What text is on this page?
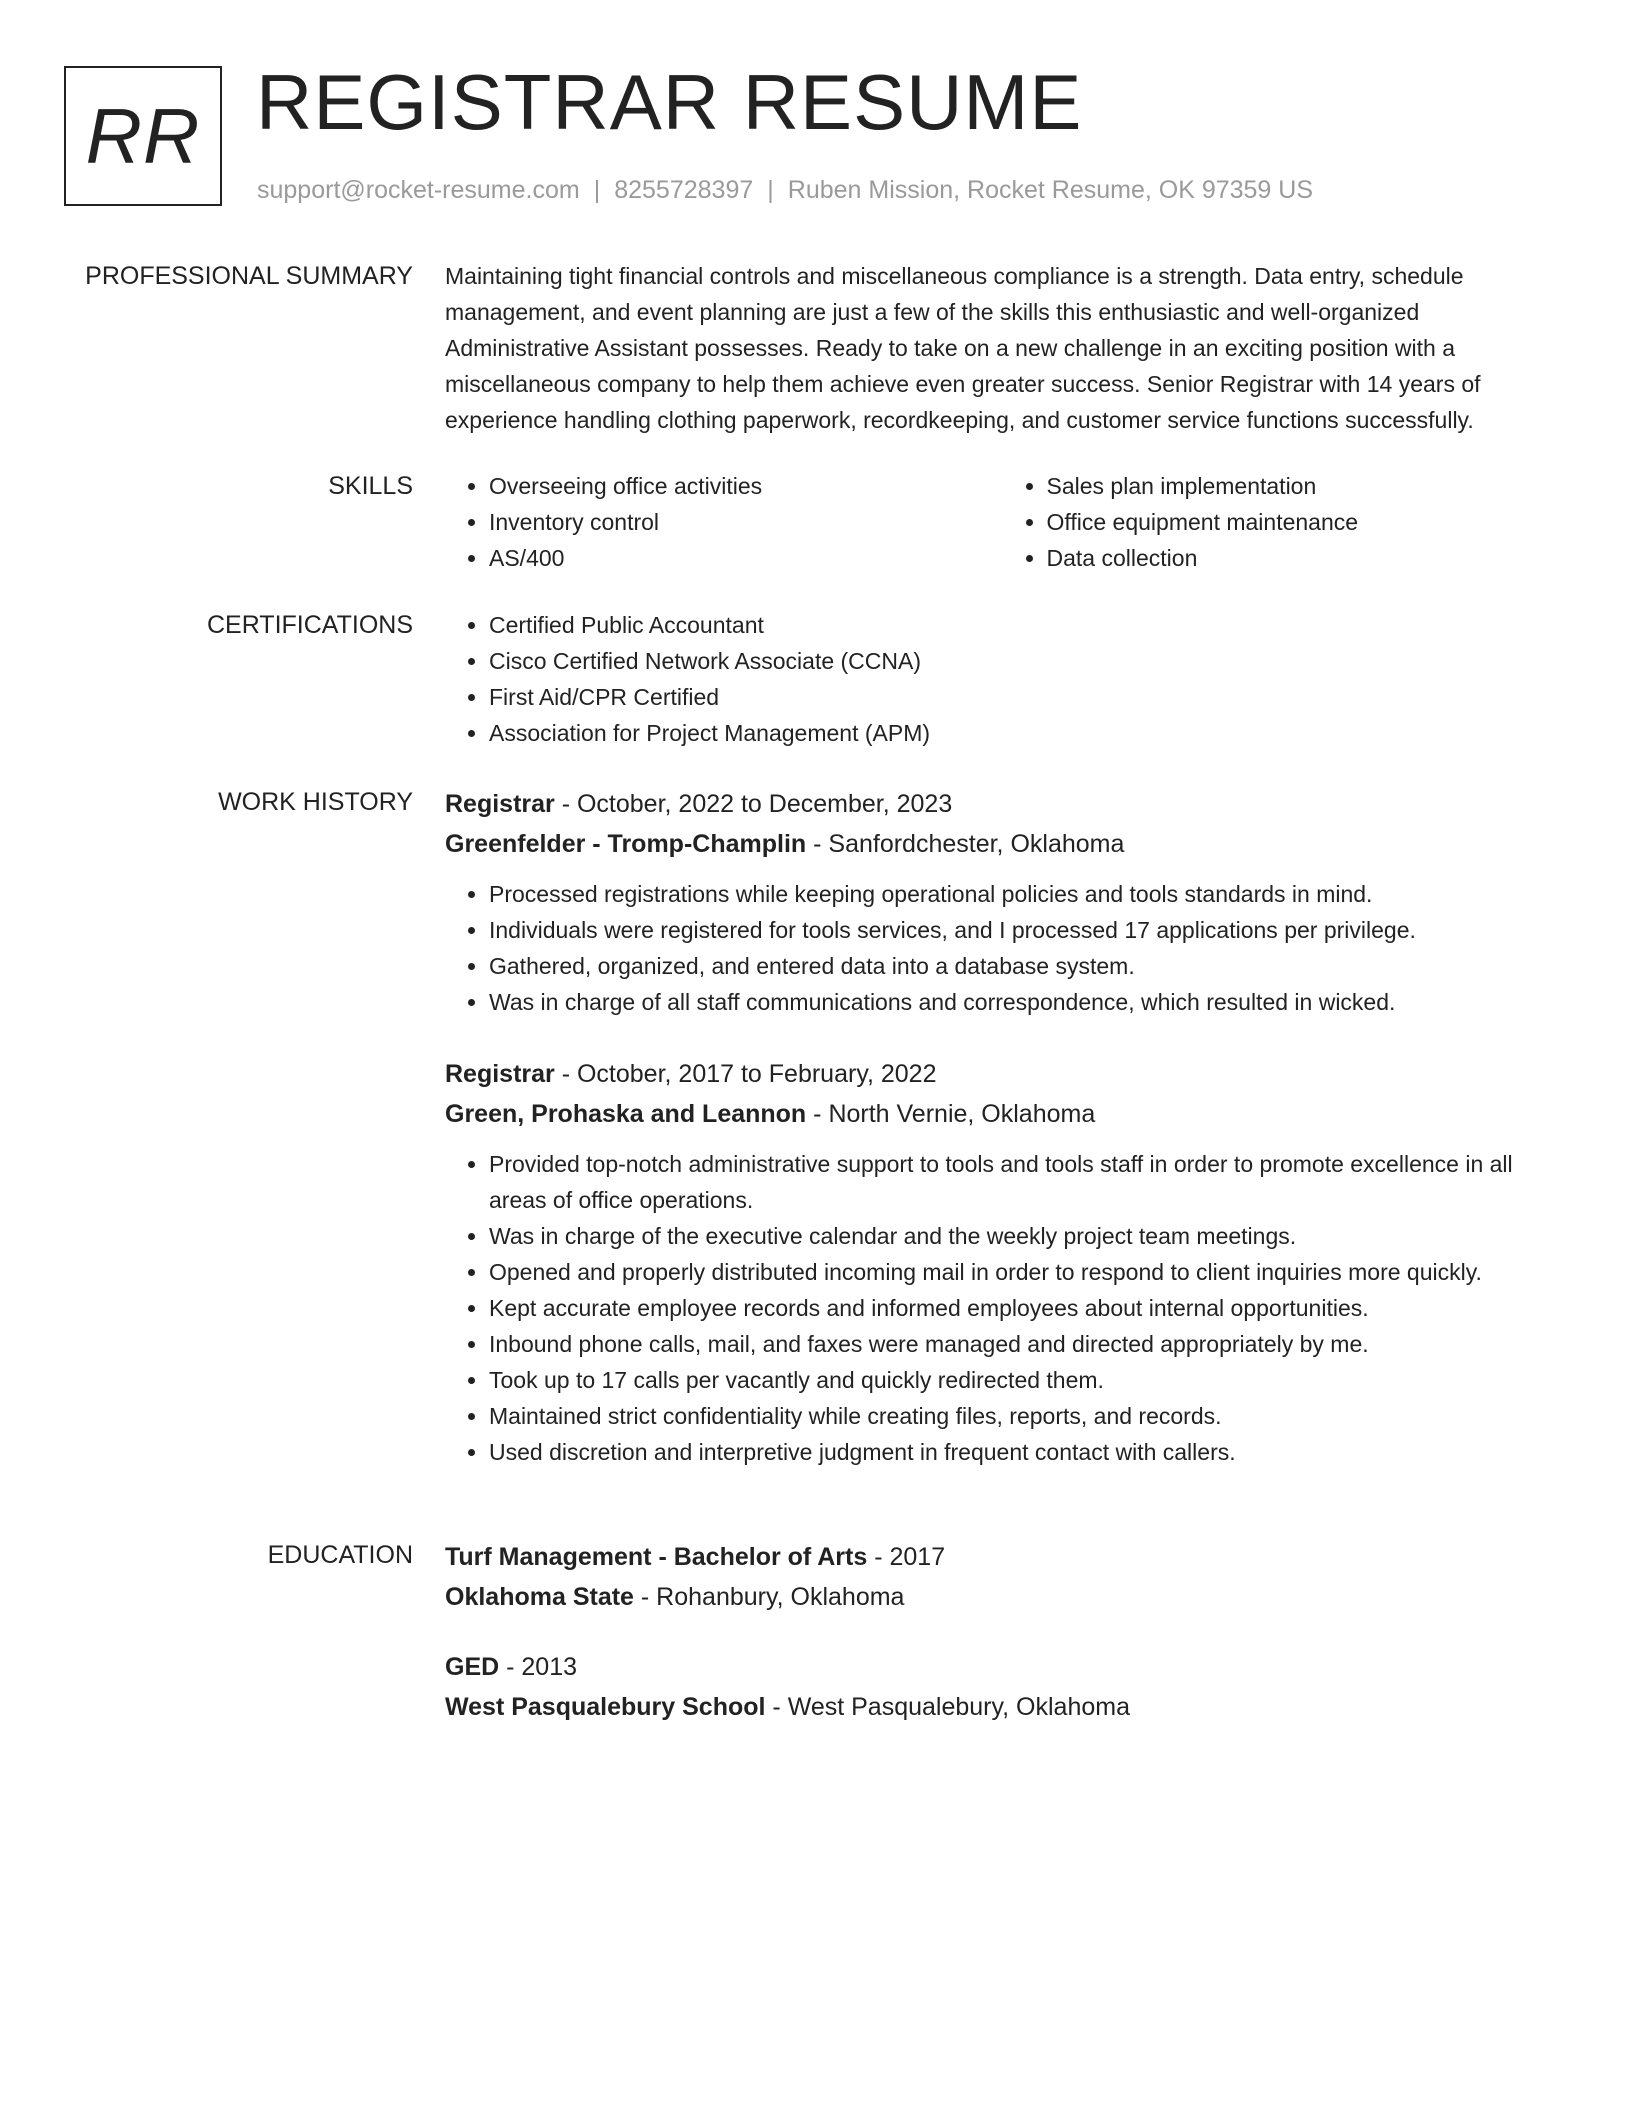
RR REGISTRAR RESUME
support@rocket-resume.com | 8255728397 | Ruben Mission, Rocket Resume, OK 97359 US
PROFESSIONAL SUMMARY Maintaining tight financial controls and miscellaneous compliance is a strength. Data entry, schedule management, and event planning are just a few of the skills this enthusiastic and well-organized Administrative Assistant possesses. Ready to take on a new challenge in an exciting position with a miscellaneous company to help them achieve even greater success. Senior Registrar with 14 years of experience handling clothing paperwork, recordkeeping, and customer service functions successfully.

SKILLS	• Overseeing office activities
• Inventory control
• AS/400
• Sales plan implementation
• Office equipment maintenance
• Data collection
CERTIFICATIONS	• Certified Public Accountant
• Cisco Certified Network Associate (CCNA)
• First Aid/CPR Certified
• Association for Project Management (APM)
WORK HISTORY Registrar - October, 2022 to December, 2023
Greenfelder - Tromp-Champlin - Sanfordchester, Oklahoma
• Processed registrations while keeping operational policies and tools standards in mind.
• Individuals were registered for tools services, and I processed 17 applications per privilege.
• Gathered, organized, and entered data into a database system.
• Was in charge of all staff communications and correspondence, which resulted in wicked.
Registrar - October, 2017 to February, 2022
Green, Prohaska and Leannon - North Vernie, Oklahoma
• Provided top-notch administrative support to tools and tools staff in order to promote excellence in all areas of office operations.
• Was in charge of the executive calendar and the weekly project team meetings.
• Opened and properly distributed incoming mail in order to respond to client inquiries more quickly.
• Kept accurate employee records and informed employees about internal opportunities.
• Inbound phone calls, mail, and faxes were managed and directed appropriately by me.
• Took up to 17 calls per vacantly and quickly redirected them.
• Maintained strict confidentiality while creating files, reports, and records.
• Used discretion and interpretive judgment in frequent contact with callers.
EDUCATION Turf Management - Bachelor of Arts - 2017
Oklahoma State - Rohanbury, Oklahoma
GED - 2013
West Pasqualebury School - West Pasqualebury, Oklahoma
